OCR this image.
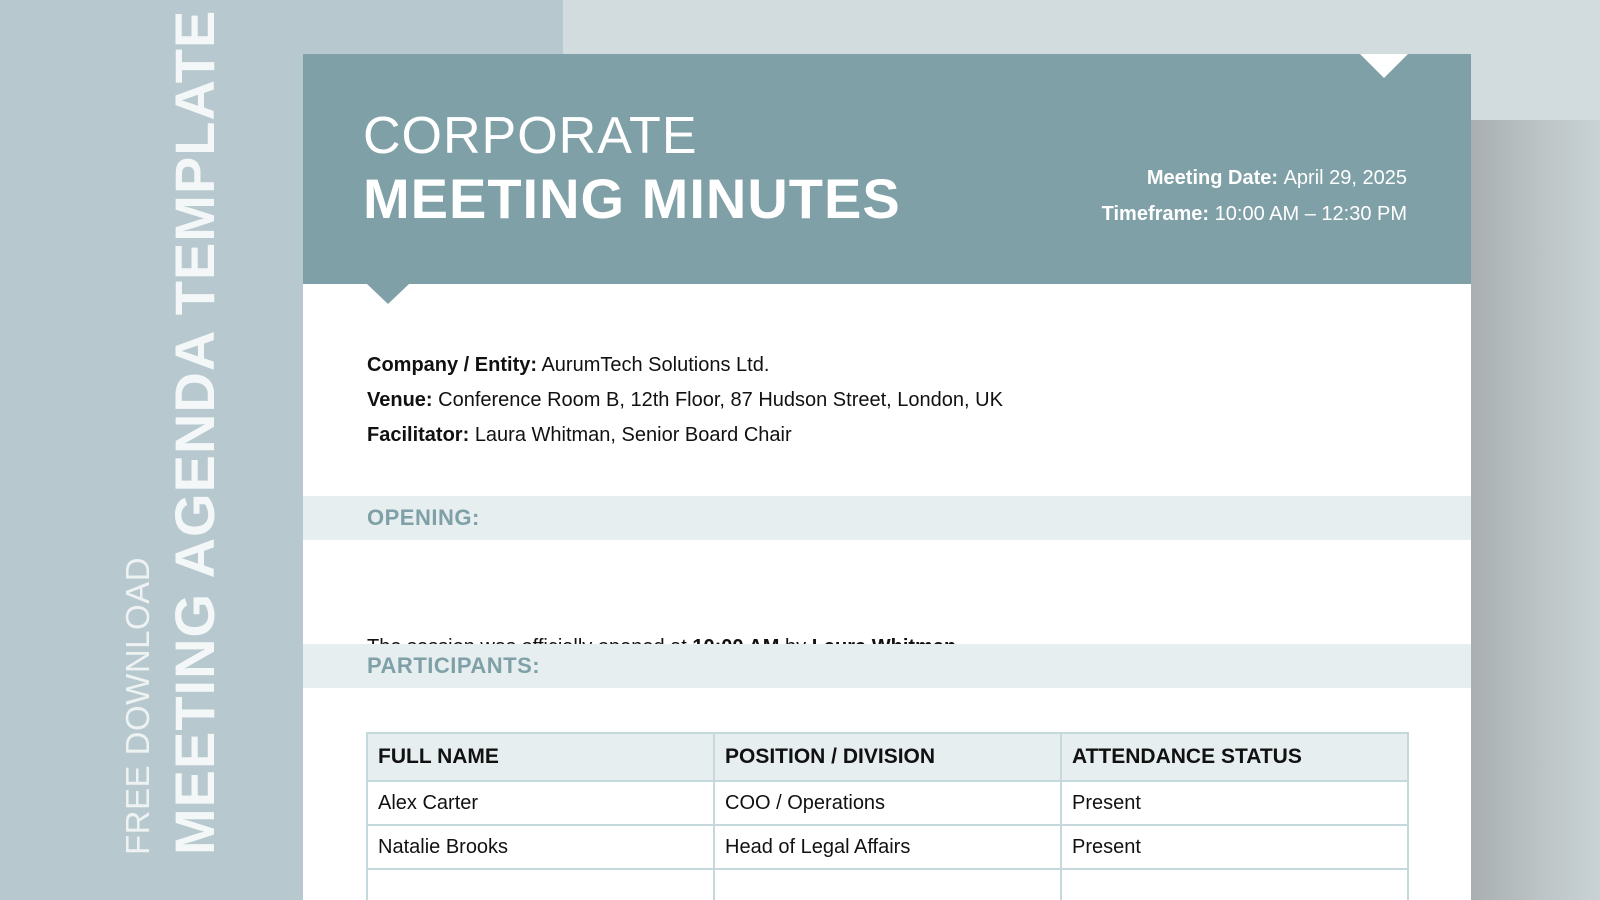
FREE DOWNLOAD MEETING AGENDA TEMPLATE	CORPORATE
MEETING MINUTES	Meeting Date: April 29, 2025
Timeframe: 10:00 AM – 12:30 PM
Company / Entity: AurumTech Solutions Ltd.
Venue: Conference Room B, 12th Floor, 87 Hudson Street, London, UK
Facilitator: Laura Whitman, Senior Board Chair
OPENING:
PARTICIPANTS:
FULL NAME	POSITION / DIVISION	ATTENDANCE STATUS
Alex Carter	COO / Operations	Present
Natalie Brooks	Head of Legal Affairs	Present
